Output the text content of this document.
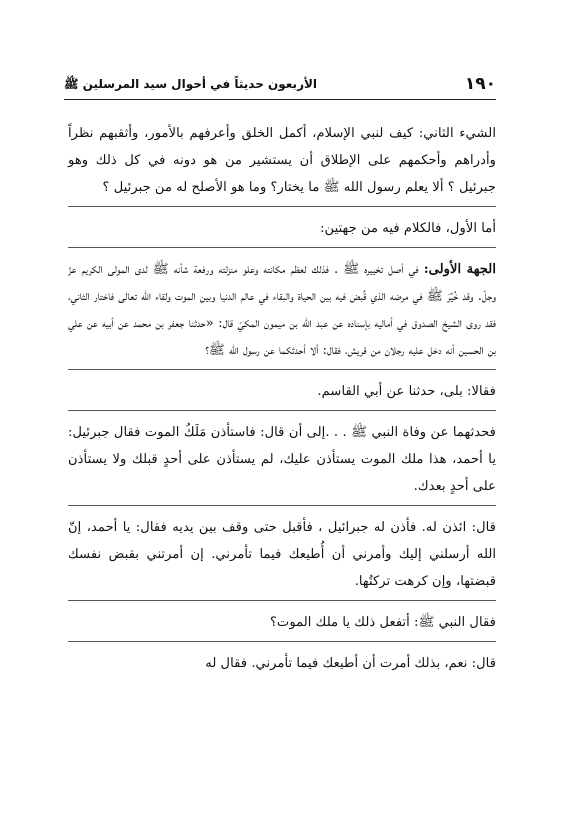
١٩٠
الأربعون حديثاً في أحوال سيد المرسلين ﷺ

الشيء الثاني: كيف لنبي الإسلام، أكمل الخلق وأعرفهم بالأمور، وأثقبهم نظراً وأدراهم وأحكمهم على الإطلاق أن يستشير من هو دونه في كل ذلك وهو جبرئيل ؟ ألا يعلم رسول الله ﷺ ما يختار؟ وما هو الأصلح له من جبرئيل ؟

أما الأول، فالكلام فيه من جهتين:

الجهة الأولى: في أصل تخييره ﷺ . فذلك لعظم مكانته وعلو منزلته ورفعة شأنه ﷺ لدى المولى الكريم عزّ وجلّ. وقد خُيِّرَ ﷺ في مرضه الذي قُبض فيه بين الحياة والبقاء في عالم الدنيا وبين الموت ولقاء الله تعالى فاختار الثاني، فقد روى الشيخ الصدوق في أماليه بإسناده عن عبد الله بن ميمون المكيّ قال: «حدثنا جعفر بن محمد عن أبيه عن علي بن الحسين أنه دخل عليه رجلان من قريش، فقال: ألا أحدثكما عن رسول الله ﷺ؟

فقالا: بلى، حدثنا عن أبي القاسم.

فحدثهما عن وفاة النبي ﷺ . . .إلى أن قال: فاستأذن مَلَكُ الموت فقال جبرئيل: يا أحمد، هذا ملك الموت يستأذن عليك، لم يستأذن على أحدٍ قبلك ولا يستأذن على أحدٍ بعدك.

قال: ائذن له. فأذن له جبرائيل ، فأقبل حتى وقف بين يديه فقال: يا أحمد، إنّ الله أرسلني إليك وأمرني أن أُطيعك فيما تأمرني. إن أمرتني بقبض نفسك قبضتها، وإن كرهت تركتُها.

فقال النبي ﷺ: أتفعل ذلك يا ملك الموت؟

قال: نعم، بذلك أمرت أن أطيعك فيما تأمرني. فقال له
